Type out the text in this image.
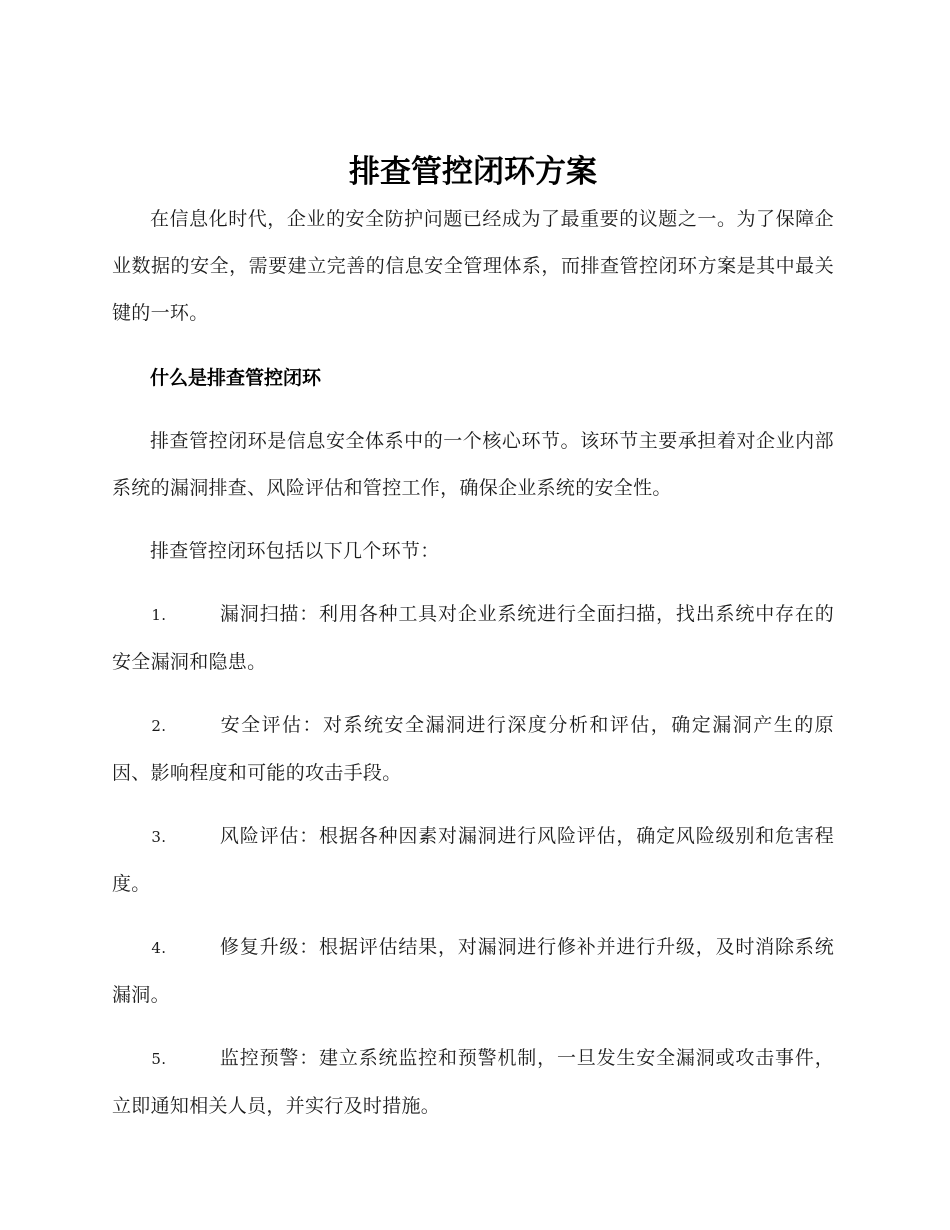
排查管控闭环方案

在信息化时代，企业的安全防护问题已经成为了最重要的议题之一。为了保障企业数据的安全，需要建立完善的信息安全管理体系，而排查管控闭环方案是其中最关键的一环。

什么是排查管控闭环

排查管控闭环是信息安全体系中的一个核心环节。该环节主要承担着对企业内部系统的漏洞排查、风险评估和管控工作，确保企业系统的安全性。

排查管控闭环包括以下几个环节：

1.	漏洞扫描：利用各种工具对企业系统进行全面扫描，找出系统中存在的安全漏洞和隐患。
2.	安全评估：对系统安全漏洞进行深度分析和评估，确定漏洞产生的原因、影响程度和可能的攻击手段。
3.	风险评估：根据各种因素对漏洞进行风险评估，确定风险级别和危害程度。
4.	修复升级：根据评估结果，对漏洞进行修补并进行升级，及时消除系统漏洞。
5.	监控预警：建立系统监控和预警机制，一旦发生安全漏洞或攻击事件，立即通知相关人员，并实行及时措施。
